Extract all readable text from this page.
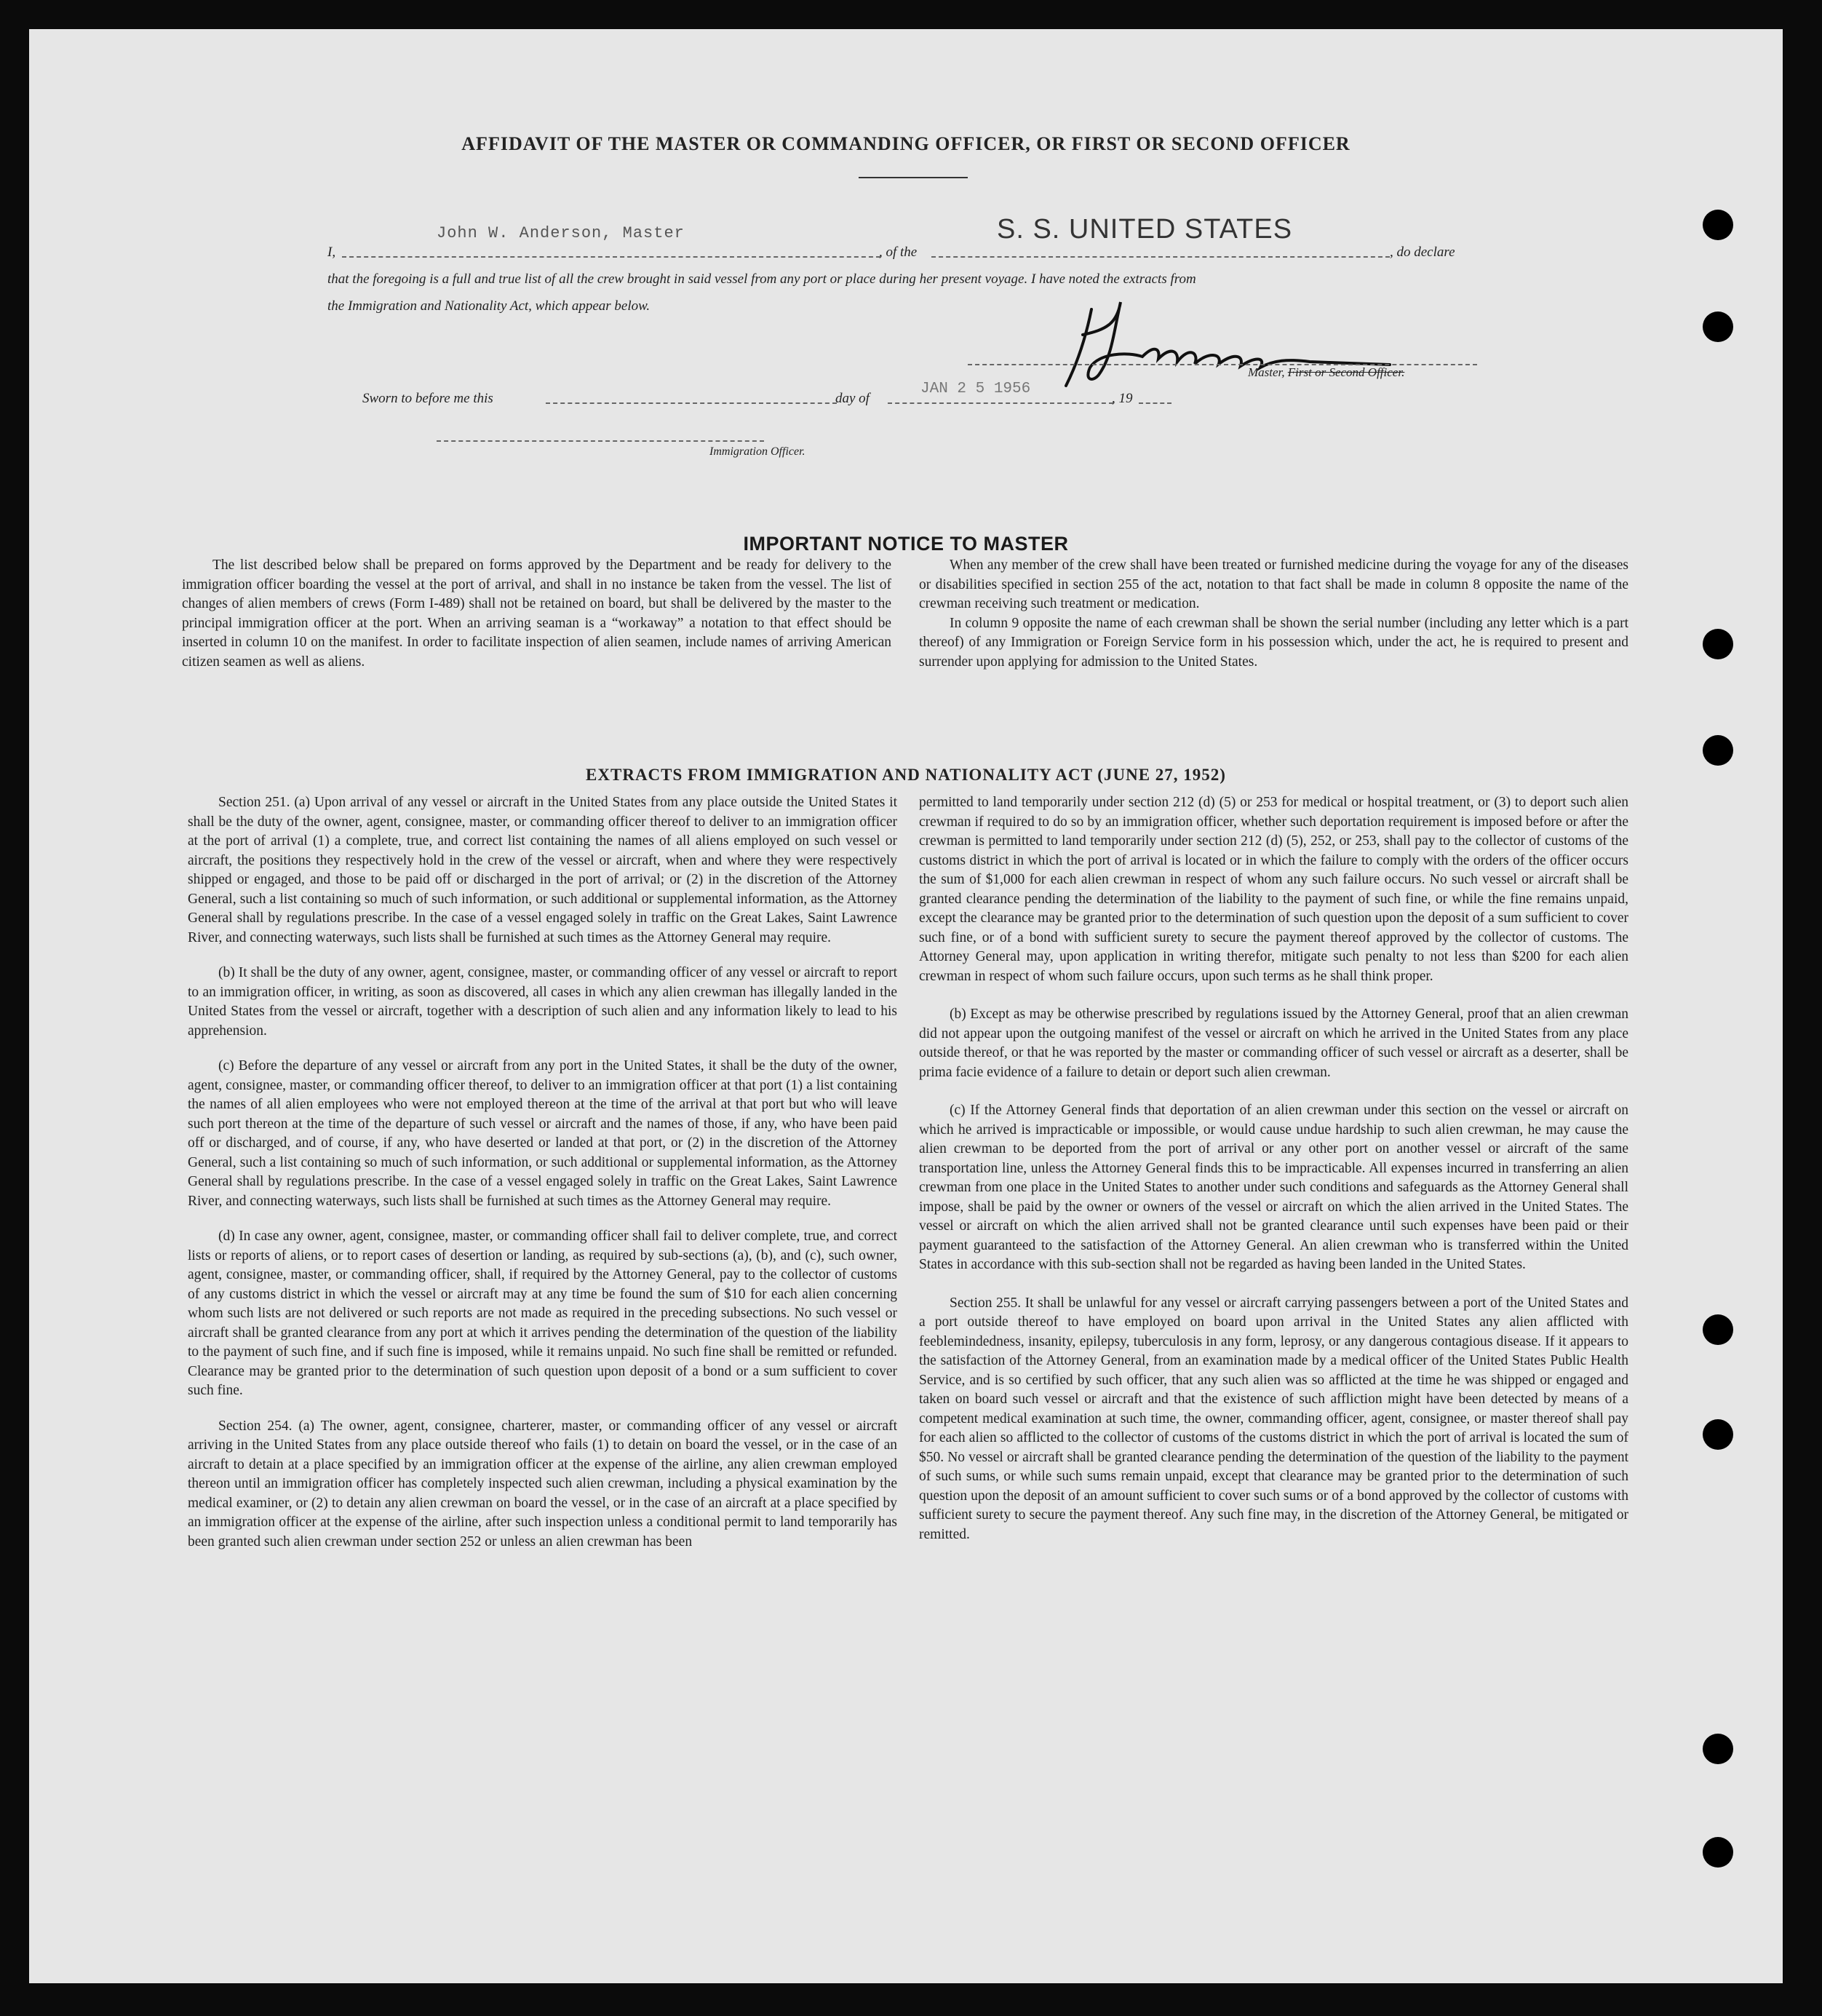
AFFIDAVIT OF THE MASTER OR COMMANDING OFFICER, OR FIRST OR SECOND OFFICER
I,
John W. Anderson, Master
, of the
S. S. UNITED STATES
, do declare
that the foregoing is a full and true list of all the crew brought in said vessel from any port or place during her present voyage. I have noted the extracts from
the Immigration and Nationality Act, which appear below.
Master, First or Second Officer.
Sworn to before me this	day of
JAN 2 5 1956
, 19
Immigration Officer.
IMPORTANT NOTICE TO MASTER

The list described below shall be prepared on forms approved by the Department and be ready for delivery to the immigration officer boarding the vessel at the port of arrival, and shall in no instance be taken from the vessel. The list of changes of alien members of crews (Form I-489) shall not be retained on board, but shall be delivered by the master to the principal immigration officer at the port. When an arriving seaman is a “workaway” a notation to that effect should be inserted in column 10 on the manifest. In order to facilitate inspection of alien seamen, include names of arriving American citizen seamen as well as aliens.

When any member of the crew shall have been treated or furnished medicine during the voyage for any of the diseases or disabilities specified in section 255 of the act, notation to that fact shall be made in column 8 opposite the name of the crewman receiving such treatment or medication.

In column 9 opposite the name of each crewman shall be shown the serial number (including any letter which is a part thereof) of any Immigration or Foreign Service form in his possession which, under the act, he is required to present and surrender upon applying for admission to the United States.

EXTRACTS FROM IMMIGRATION AND NATIONALITY ACT (JUNE 27, 1952)

Section 251. (a) Upon arrival of any vessel or aircraft in the United States from any place outside the United States it shall be the duty of the owner, agent, consignee, master, or commanding officer thereof to deliver to an immigration officer at the port of arrival (1) a complete, true, and correct list containing the names of all aliens employed on such vessel or aircraft, the positions they respectively hold in the crew of the vessel or aircraft, when and where they were respectively shipped or engaged, and those to be paid off or discharged in the port of arrival; or (2) in the discretion of the Attorney General, such a list containing so much of such information, or such additional or supplemental information, as the Attorney General shall by regulations prescribe. In the case of a vessel engaged solely in traffic on the Great Lakes, Saint Lawrence River, and connecting waterways, such lists shall be furnished at such times as the Attorney General may require.

(b) It shall be the duty of any owner, agent, consignee, master, or commanding officer of any vessel or aircraft to report to an immigration officer, in writing, as soon as discovered, all cases in which any alien crewman has illegally landed in the United States from the vessel or aircraft, together with a description of such alien and any information likely to lead to his apprehension.

(c) Before the departure of any vessel or aircraft from any port in the United States, it shall be the duty of the owner, agent, consignee, master, or commanding officer thereof, to deliver to an immigration officer at that port (1) a list containing the names of all alien employees who were not employed thereon at the time of the arrival at that port but who will leave such port thereon at the time of the departure of such vessel or aircraft and the names of those, if any, who have been paid off or discharged, and of course, if any, who have deserted or landed at that port, or (2) in the discretion of the Attorney General, such a list containing so much of such information, or such additional or supplemental information, as the Attorney General shall by regulations prescribe. In the case of a vessel engaged solely in traffic on the Great Lakes, Saint Lawrence River, and connecting waterways, such lists shall be furnished at such times as the Attorney General may require.

(d) In case any owner, agent, consignee, master, or commanding officer shall fail to deliver complete, true, and correct lists or reports of aliens, or to report cases of desertion or landing, as required by sub-sections (a), (b), and (c), such owner, agent, consignee, master, or commanding officer, shall, if required by the Attorney General, pay to the collector of customs of any customs district in which the vessel or aircraft may at any time be found the sum of $10 for each alien concerning whom such lists are not delivered or such reports are not made as required in the preceding subsections. No such vessel or aircraft shall be granted clearance from any port at which it arrives pending the determination of the question of the liability to the payment of such fine, and if such fine is imposed, while it remains unpaid. No such fine shall be remitted or refunded. Clearance may be granted prior to the determination of such question upon deposit of a bond or a sum sufficient to cover such fine.

Section 254. (a) The owner, agent, consignee, charterer, master, or commanding officer of any vessel or aircraft arriving in the United States from any place outside thereof who fails (1) to detain on board the vessel, or in the case of an aircraft to detain at a place specified by an immigration officer at the expense of the airline, any alien crewman employed thereon until an immigration officer has completely inspected such alien crewman, including a physical examination by the medical examiner, or (2) to detain any alien crewman on board the vessel, or in the case of an aircraft at a place specified by an immigration officer at the expense of the airline, after such inspection unless a conditional permit to land temporarily has been granted such alien crewman under section 252 or unless an alien crewman has been

permitted to land temporarily under section 212 (d) (5) or 253 for medical or hospital treatment, or (3) to deport such alien crewman if required to do so by an immigration officer, whether such deportation requirement is imposed before or after the crewman is permitted to land temporarily under section 212 (d) (5), 252, or 253, shall pay to the collector of customs of the customs district in which the port of arrival is located or in which the failure to comply with the orders of the officer occurs the sum of $1,000 for each alien crewman in respect of whom any such failure occurs. No such vessel or aircraft shall be granted clearance pending the determination of the liability to the payment of such fine, or while the fine remains unpaid, except the clearance may be granted prior to the determination of such question upon the deposit of a sum sufficient to cover such fine, or of a bond with sufficient surety to secure the payment thereof approved by the collector of customs. The Attorney General may, upon application in writing therefor, mitigate such penalty to not less than $200 for each alien crewman in respect of whom such failure occurs, upon such terms as he shall think proper.

(b) Except as may be otherwise prescribed by regulations issued by the Attorney General, proof that an alien crewman did not appear upon the outgoing manifest of the vessel or aircraft on which he arrived in the United States from any place outside thereof, or that he was reported by the master or commanding officer of such vessel or aircraft as a deserter, shall be prima facie evidence of a failure to detain or deport such alien crewman.

(c) If the Attorney General finds that deportation of an alien crewman under this section on the vessel or aircraft on which he arrived is impracticable or impossible, or would cause undue hardship to such alien crewman, he may cause the alien crewman to be deported from the port of arrival or any other port on another vessel or aircraft of the same transportation line, unless the Attorney General finds this to be impracticable. All expenses incurred in transferring an alien crewman from one place in the United States to another under such conditions and safeguards as the Attorney General shall impose, shall be paid by the owner or owners of the vessel or aircraft on which the alien arrived in the United States. The vessel or aircraft on which the alien arrived shall not be granted clearance until such expenses have been paid or their payment guaranteed to the satisfaction of the Attorney General. An alien crewman who is transferred within the United States in accordance with this sub-section shall not be regarded as having been landed in the United States.

Section 255. It shall be unlawful for any vessel or aircraft carrying passengers between a port of the United States and a port outside thereof to have employed on board upon arrival in the United States any alien afflicted with feeblemindedness, insanity, epilepsy, tuberculosis in any form, leprosy, or any dangerous contagious disease. If it appears to the satisfaction of the Attorney General, from an examination made by a medical officer of the United States Public Health Service, and is so certified by such officer, that any such alien was so afflicted at the time he was shipped or engaged and taken on board such vessel or aircraft and that the existence of such affliction might have been detected by means of a competent medical examination at such time, the owner, commanding officer, agent, consignee, or master thereof shall pay for each alien so afflicted to the collector of customs of the customs district in which the port of arrival is located the sum of $50. No vessel or aircraft shall be granted clearance pending the determination of the question of the liability to the payment of such sums, or while such sums remain unpaid, except that clearance may be granted prior to the determination of such question upon the deposit of an amount sufficient to cover such sums or of a bond approved by the collector of customs with sufficient surety to secure the payment thereof. Any such fine may, in the discretion of the Attorney General, be mitigated or remitted.
